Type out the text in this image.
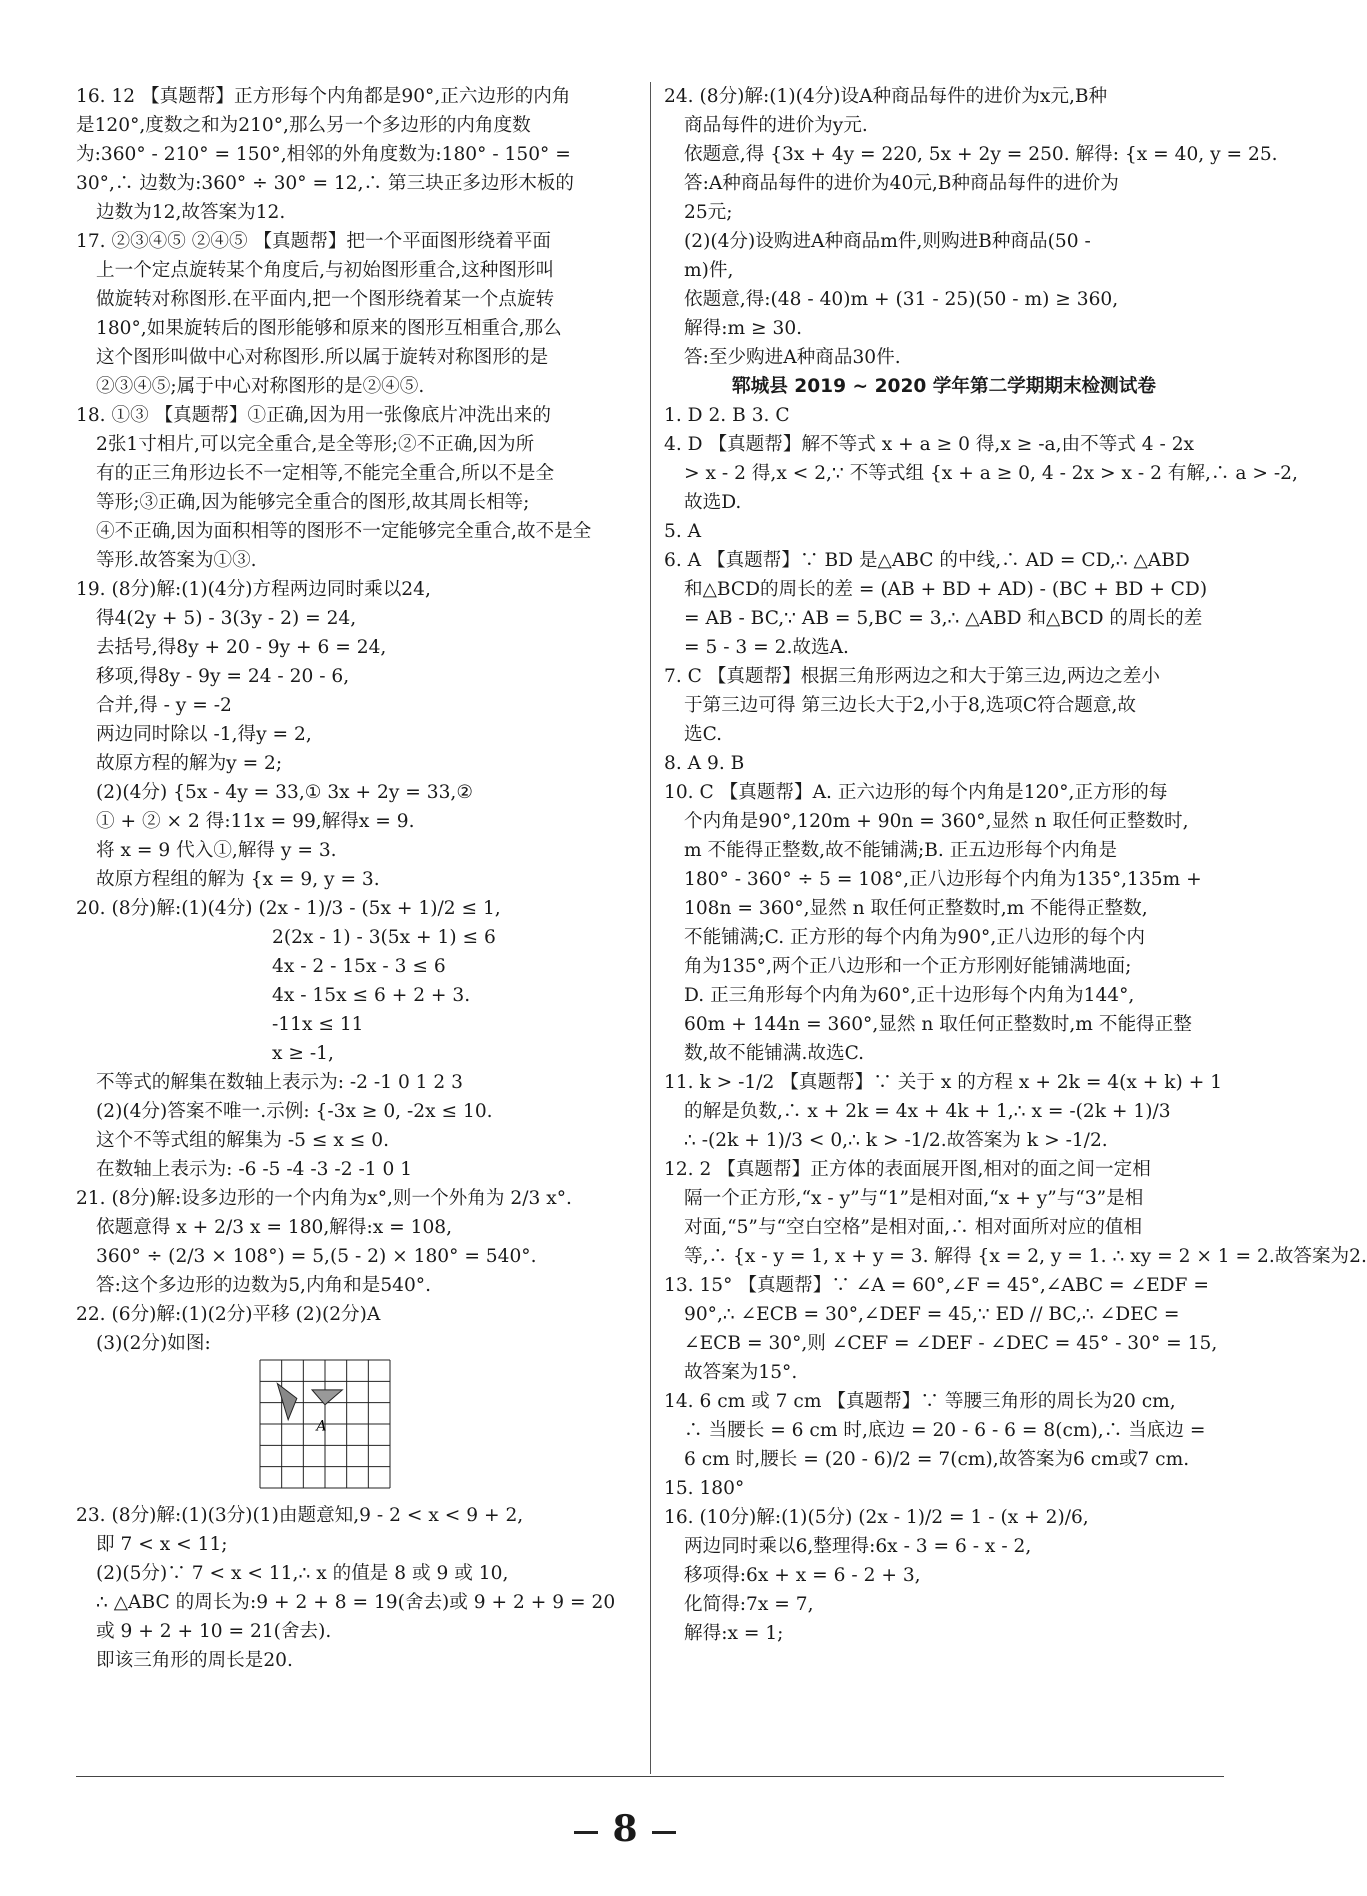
16. 12 【真题帮】正方形每个内角都是90°,正六边形的内角
是120°,度数之和为210°,那么另一个多边形的内角度数
为:360° - 210° = 150°,相邻的外角度数为:180° - 150° =
30°,∴ 边数为:360° ÷ 30° = 12,∴ 第三块正多边形木板的
边数为12,故答案为12.
17. ②③④⑤ ②④⑤ 【真题帮】把一个平面图形绕着平面
上一个定点旋转某个角度后,与初始图形重合,这种图形叫
做旋转对称图形.在平面内,把一个图形绕着某一个点旋转
180°,如果旋转后的图形能够和原来的图形互相重合,那么
这个图形叫做中心对称图形.所以属于旋转对称图形的是
②③④⑤;属于中心对称图形的是②④⑤.
18. ①③ 【真题帮】①正确,因为用一张像底片冲洗出来的
2张1寸相片,可以完全重合,是全等形;②不正确,因为所
有的正三角形边长不一定相等,不能完全重合,所以不是全
等形;③正确,因为能够完全重合的图形,故其周长相等;
④不正确,因为面积相等的图形不一定能够完全重合,故不是全
等形.故答案为①③.
19. (8分)解:(1)(4分)方程两边同时乘以24,
得4(2y + 5) - 3(3y - 2) = 24,
去括号,得8y + 20 - 9y + 6 = 24,
移项,得8y - 9y = 24 - 20 - 6,
合并,得 - y = -2
两边同时除以 -1,得y = 2,
故原方程的解为y = 2;
(2)(4分) {5x - 4y = 33,① 3x + 2y = 33,②
① + ② × 2 得:11x = 99,解得x = 9.
将 x = 9 代入①,解得 y = 3.
故原方程组的解为 {x = 9, y = 3.
20. (8分)解:(1)(4分) (2x - 1)/3 - (5x + 1)/2 ≤ 1,
2(2x - 1) - 3(5x + 1) ≤ 6
4x - 2 - 15x - 3 ≤ 6
4x - 15x ≤ 6 + 2 + 3.
-11x ≤ 11
x ≥ -1,
不等式的解集在数轴上表示为: -2 -1 0 1 2 3
(2)(4分)答案不唯一.示例: {-3x ≥ 0, -2x ≤ 10.
这个不等式组的解集为 -5 ≤ x ≤ 0.
在数轴上表示为: -6 -5 -4 -3 -2 -1 0 1
21. (8分)解:设多边形的一个内角为x°,则一个外角为 2/3 x°.
依题意得 x + 2/3 x = 180,解得:x = 108,
360° ÷ (2/3 × 108°) = 5,(5 - 2) × 180° = 540°.
答:这个多边形的边数为5,内角和是540°.
22. (6分)解:(1)(2分)平移 (2)(2分)A
(3)(2分)如图:
A
23. (8分)解:(1)(3分)(1)由题意知,9 - 2 < x < 9 + 2,
即 7 < x < 11;
(2)(5分)∵ 7 < x < 11,∴ x 的值是 8 或 9 或 10,
∴ △ABC 的周长为:9 + 2 + 8 = 19(舍去)或 9 + 2 + 9 = 20
或 9 + 2 + 10 = 21(舍去).
即该三角形的周长是20.
24. (8分)解:(1)(4分)设A种商品每件的进价为x元,B种
商品每件的进价为y元.
依题意,得 {3x + 4y = 220, 5x + 2y = 250. 解得: {x = 40, y = 25.
答:A种商品每件的进价为40元,B种商品每件的进价为
25元;
(2)(4分)设购进A种商品m件,则购进B种商品(50 -
m)件,
依题意,得:(48 - 40)m + (31 - 25)(50 - m) ≥ 360,
解得:m ≥ 30.
答:至少购进A种商品30件.
郓城县 2019 ~ 2020 学年第二学期期末检测试卷
1. D 2. B 3. C
4. D 【真题帮】解不等式 x + a ≥ 0 得,x ≥ -a,由不等式 4 - 2x
> x - 2 得,x < 2,∵ 不等式组 {x + a ≥ 0, 4 - 2x > x - 2 有解,∴ a > -2,
故选D.
5. A
6. A 【真题帮】∵ BD 是△ABC 的中线,∴ AD = CD,∴ △ABD
和△BCD的周长的差 = (AB + BD + AD) - (BC + BD + CD)
= AB - BC,∵ AB = 5,BC = 3,∴ △ABD 和△BCD 的周长的差
= 5 - 3 = 2.故选A.
7. C 【真题帮】根据三角形两边之和大于第三边,两边之差小
于第三边可得 第三边长大于2,小于8,选项C符合题意,故
选C.
8. A 9. B
10. C 【真题帮】A. 正六边形的每个内角是120°,正方形的每
个内角是90°,120m + 90n = 360°,显然 n 取任何正整数时,
m 不能得正整数,故不能铺满;B. 正五边形每个内角是
180° - 360° ÷ 5 = 108°,正八边形每个内角为135°,135m +
108n = 360°,显然 n 取任何正整数时,m 不能得正整数,
不能铺满;C. 正方形的每个内角为90°,正八边形的每个内
角为135°,两个正八边形和一个正方形刚好能铺满地面;
D. 正三角形每个内角为60°,正十边形每个内角为144°,
60m + 144n = 360°,显然 n 取任何正整数时,m 不能得正整
数,故不能铺满.故选C.
11. k > -1/2 【真题帮】∵ 关于 x 的方程 x + 2k = 4(x + k) + 1
的解是负数,∴ x + 2k = 4x + 4k + 1,∴ x = -(2k + 1)/3
∴ -(2k + 1)/3 < 0,∴ k > -1/2.故答案为 k > -1/2.
12. 2 【真题帮】正方体的表面展开图,相对的面之间一定相
隔一个正方形,“x - y”与“1”是相对面,“x + y”与“3”是相
对面,“5”与“空白空格”是相对面,∴ 相对面所对应的值相
等,∴ {x - y = 1, x + y = 3. 解得 {x = 2, y = 1. ∴ xy = 2 × 1 = 2.故答案为2.
13. 15° 【真题帮】∵ ∠A = 60°,∠F = 45°,∠ABC = ∠EDF =
90°,∴ ∠ECB = 30°,∠DEF = 45,∵ ED // BC,∴ ∠DEC =
∠ECB = 30°,则 ∠CEF = ∠DEF - ∠DEC = 45° - 30° = 15,
故答案为15°.
14. 6 cm 或 7 cm 【真题帮】∵ 等腰三角形的周长为20 cm,
∴ 当腰长 = 6 cm 时,底边 = 20 - 6 - 6 = 8(cm),∴ 当底边 =
6 cm 时,腰长 = (20 - 6)/2 = 7(cm),故答案为6 cm或7 cm.
15. 180°
16. (10分)解:(1)(5分) (2x - 1)/2 = 1 - (x + 2)/6,
两边同时乘以6,整理得:6x - 3 = 6 - x - 2,
移项得:6x + x = 6 - 2 + 3,
化简得:7x = 7,
解得:x = 1;
8
